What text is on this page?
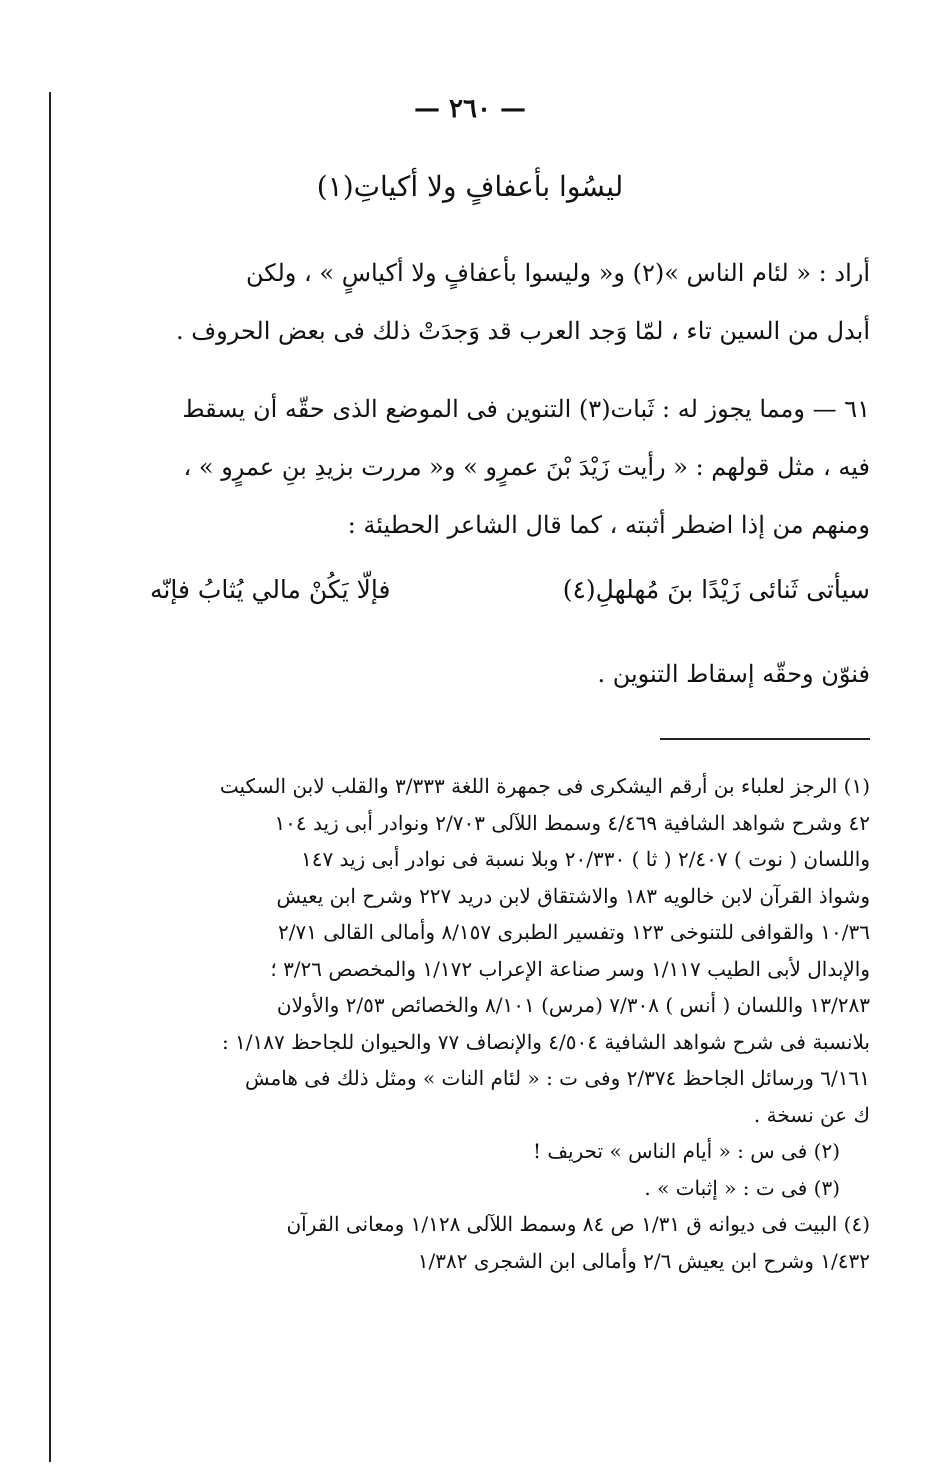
— ٢٦٠ —
ليسُوا بأعفافٍ ولا أكياتِ(١)

أراد : « لئام الناس »(٢) و« وليسوا بأعفافٍ ولا أكياسٍ » ، ولكن

أبدل من السين تاء ، لمّا وَجد العرب قد وَجدَتْ ذلك فى بعض الحروف .

٦١ — ومما يجوز له : ثَبات(٣) التنوين فى الموضع الذى حقّه أن يسقط

فيه ، مثل قولهم : « رأيت زَيْدَ بْنَ عمرٍو » و« مررت بزيدِ بنِ عمرٍو » ،

ومنهم من إذا اضطر أثبته ، كما قال الشاعر الحطيئة :

سيأتى ثَنائى زَيْدًا بنَ مُهلهلِ(٤)
فإلّا يَكُنْ مالي يُثابُ فإنّه
فنوّن وحقّه إسقاط التنوين .

(١) الرجز لعلباء بن أرقم اليشكرى فى جمهرة اللغة ٣/٣٣٣ والقلب لابن السكيت

٤٢ وشرح شواهد الشافية ٤/٤٦٩ وسمط اللآلى ٢/٧٠٣ ونوادر أبى زيد ١٠٤

واللسان ( نوت ) ٢/٤٠٧ ( ثا ) ٢٠/٣٣٠ وبلا نسبة فى نوادر أبى زيد ١٤٧

وشواذ القرآن لابن خالويه ١٨٣ والاشتقاق لابن دريد ٢٢٧ وشرح ابن يعيش

١٠/٣٦ والقوافى للتنوخى ١٢٣ وتفسير الطبرى ٨/١٥٧ وأمالى القالى ٢/٧١

والإبدال لأبى الطيب ١/١١٧ وسر صناعة الإعراب ١/١٧٢ والمخصص ٣/٢٦ ؛

١٣/٢٨٣ واللسان ( أنس ) ٧/٣٠٨ (مرس) ٨/١٠١ والخصائص ٢/٥٣ والأولان

بلانسبة فى شرح شواهد الشافية ٤/٥٠٤ والإنصاف ٧٧ والحيوان للجاحظ ١/١٨٧ :

٦/١٦١ ورسائل الجاحظ ٢/٣٧٤ وفى ت : « لئام النات » ومثل ذلك فى هامش

ك عن نسخة .

(٢) فى س : « أيام الناس » تحريف !

(٣) فى ت : « إثبات » .

(٤) البيت فى ديوانه ق ١/٣١ ص ٨٤ وسمط اللآلى ١/١٢٨ ومعانى القرآن

١/٤٣٢ وشرح ابن يعيش ٢/٦ وأمالى ابن الشجرى ١/٣٨٢
